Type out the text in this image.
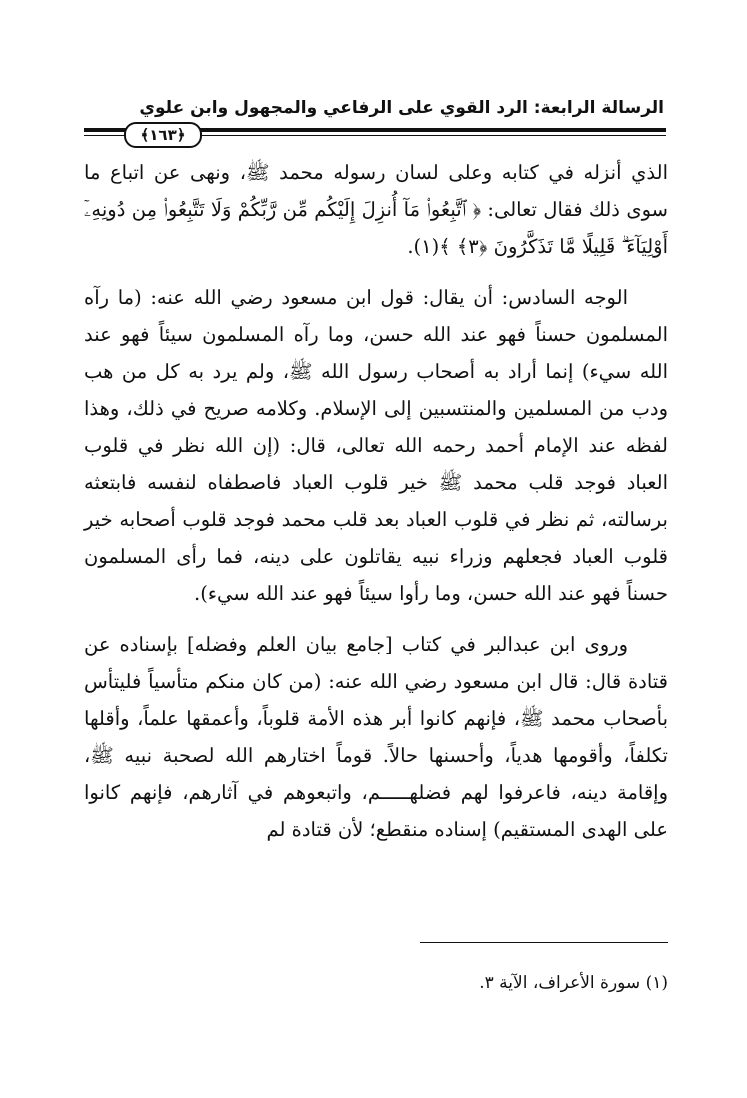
الرسالة الرابعة: الرد القوي على الرفاعي والمجهول وابن علوي
﴿١٦٣﴾

الذي أنزله في كتابه وعلى لسان رسوله محمد ﷺ، ونهى عن اتباع ما سوى ذلك فقال تعالى: ﴿ ٱتَّبِعُوا۟ مَآ أُنزِلَ إِلَيْكُم مِّن رَّبِّكُمْ وَلَا تَتَّبِعُوا۟ مِن دُونِهِۦٓ أَوْلِيَآءَ ۗ قَلِيلًا مَّا تَذَكَّرُونَ ﴿٣﴾ ﴾(١).

الوجه السادس: أن يقال: قول ابن مسعود رضي الله عنه: (ما رآه المسلمون حسناً فهو عند الله حسن، وما رآه المسلمون سيئاً فهو عند الله سيء) إنما أراد به أصحاب رسول الله ﷺ، ولم يرد به كل من هب ودب من المسلمين والمنتسبين إلى الإسلام. وكلامه صريح في ذلك، وهذا لفظه عند الإمام أحمد رحمه الله تعالى، قال: (إن الله نظر في قلوب العباد فوجد قلب محمد ﷺ خير قلوب العباد فاصطفاه لنفسه فابتعثه برسالته، ثم نظر في قلوب العباد بعد قلب محمد فوجد قلوب أصحابه خير قلوب العباد فجعلهم وزراء نبيه يقاتلون على دينه، فما رأى المسلمون حسناً فهو عند الله حسن، وما رأوا سيئاً فهو عند الله سيء).

وروى ابن عبدالبر في كتاب [جامع بيان العلم وفضله] بإسناده عن قتادة قال: قال ابن مسعود رضي الله عنه: (من كان منكم متأسياً فليتأس بأصحاب محمد ﷺ، فإنهم كانوا أبر هذه الأمة قلوباً، وأعمقها علماً، وأقلها تكلفاً، وأقومها هدياً، وأحسنها حالاً. قوماً اختارهم الله لصحبة نبيه ﷺ، وإقامة دينه، فاعرفوا لهم فضلهـــــم، واتبعوهم في آثارهم، فإنهم كانوا على الهدى المستقيم) إسناده منقطع؛ لأن قتادة لم

(١) سورة الأعراف، الآية ٣.
